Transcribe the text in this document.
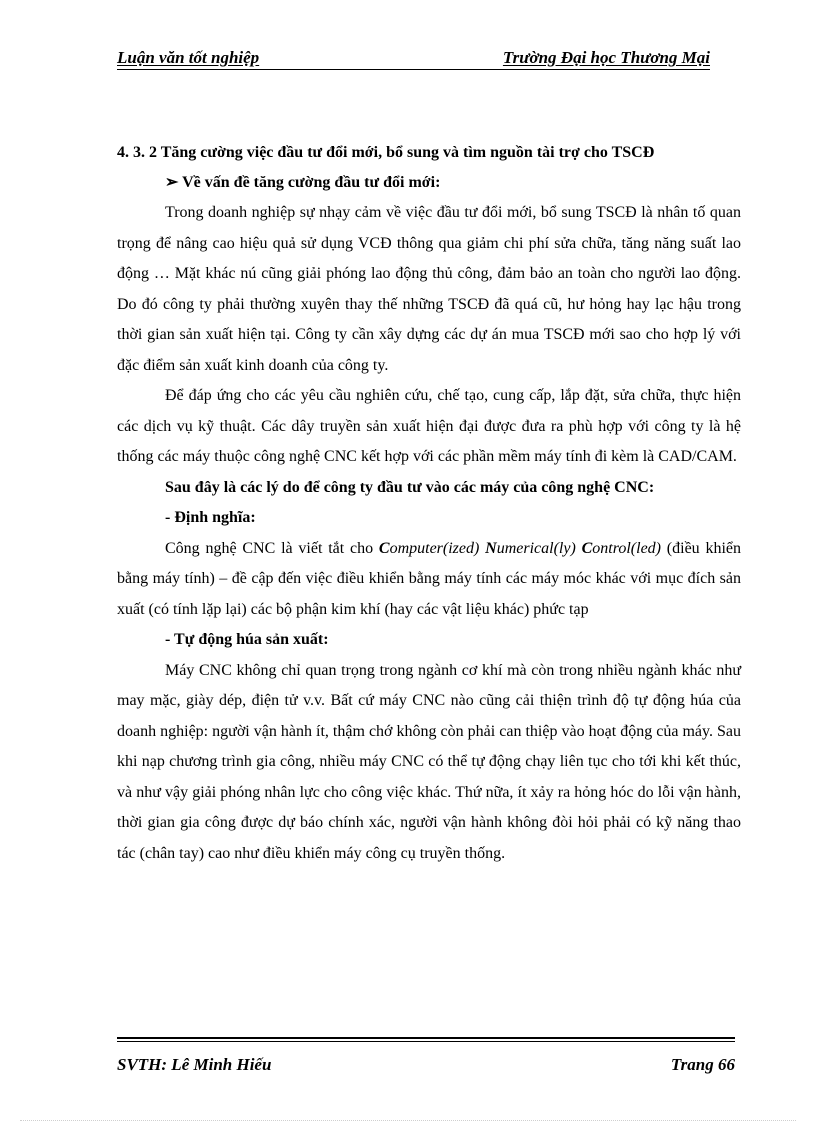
Luận văn tốt nghiệp	Trường Đại học Thương Mại

4. 3. 2 Tăng cường việc đầu tư đổi mới, bổ sung và tìm nguồn tài trợ cho TSCĐ

➢ Về vấn đề tăng cường đầu tư đổi mới:

Trong doanh nghiệp sự nhạy cảm về việc đầu tư đổi mới, bổ sung TSCĐ là nhân tố quan trọng để nâng cao hiệu quả sử dụng VCĐ thông qua giảm chi phí sửa chữa, tăng năng suất lao động … Mặt khác nú cũng giải phóng lao động thủ công, đảm bảo an toàn cho người lao động. Do đó công ty phải thường xuyên thay thế những TSCĐ đã quá cũ, hư hỏng hay lạc hậu trong thời gian sản xuất hiện tại. Công ty cần xây dựng các dự án mua TSCĐ mới sao cho hợp lý với đặc điểm sản xuất kinh doanh của công ty.

Để đáp ứng cho các yêu cầu nghiên cứu, chế tạo, cung cấp, lắp đặt, sửa chữa, thực hiện các dịch vụ kỹ thuật. Các dây truyền sản xuất hiện đại được đưa ra phù hợp với công ty là hệ thống các máy thuộc công nghệ CNC kết hợp với các phần mềm máy tính đi kèm là CAD/CAM.

Sau đây là các lý do để công ty đầu tư vào các máy của công nghệ CNC:

- Định nghĩa:

Công nghệ CNC là viết tắt cho Computer(ized) Numerical(ly) Control(led) (điều khiển bằng máy tính) – đề cập đến việc điều khiển bằng máy tính các máy móc khác với mục đích sản xuất (có tính lặp lại) các bộ phận kim khí (hay các vật liệu khác) phức tạp

- Tự động húa sản xuất:

Máy CNC không chỉ quan trọng trong ngành cơ khí mà còn trong nhiều ngành khác như may mặc, giày dép, điện tử v.v. Bất cứ máy CNC nào cũng cải thiện trình độ tự động húa của doanh nghiệp: người vận hành ít, thậm chớ không còn phải can thiệp vào hoạt động của máy. Sau khi nạp chương trình gia công, nhiều máy CNC có thể tự động chạy liên tục cho tới khi kết thúc, và như vậy giải phóng nhân lực cho công việc khác. Thứ nữa, ít xảy ra hỏng hóc do lỗi vận hành, thời gian gia công được dự báo chính xác, người vận hành không đòi hỏi phải có kỹ năng thao tác (chân tay) cao như điều khiển máy công cụ truyền thống.

SVTH: Lê Minh Hiếu	Trang 66
